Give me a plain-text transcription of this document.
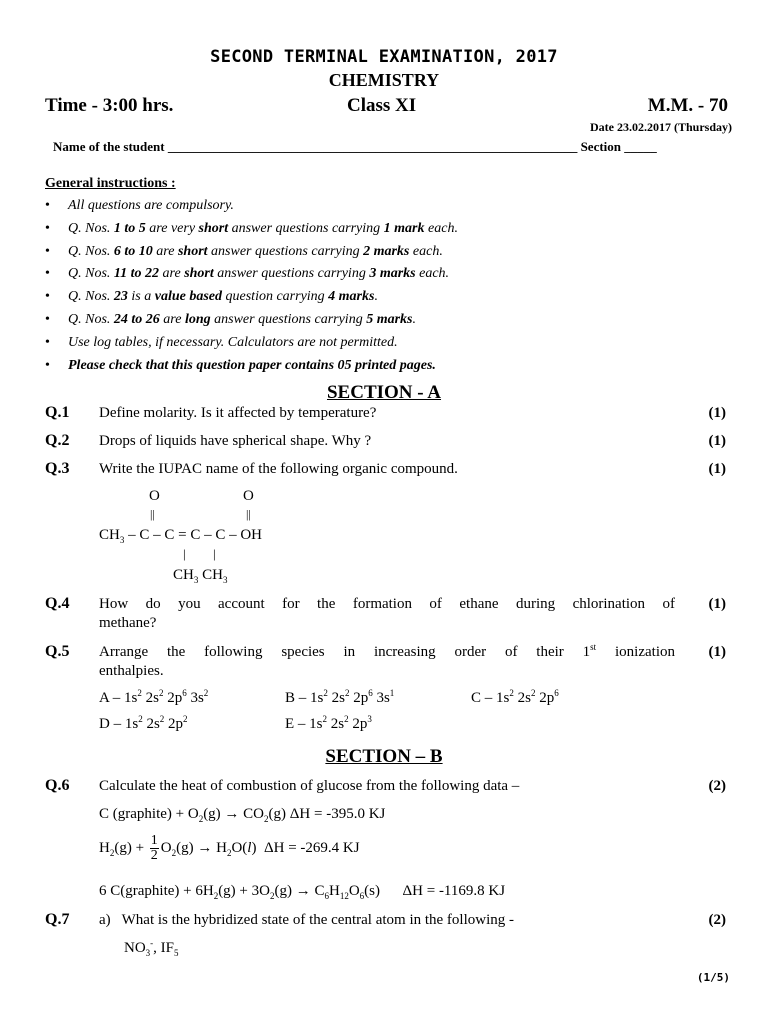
SECOND TERMINAL EXAMINATION, 2017
CHEMISTRY
Time - 3:00 hrs.	Class XI	M.M. - 70
Date 23.02.2017 (Thursday)
Name of the student _______________________________________________________________ Section _____
General instructions :
• All questions are compulsory.
• Q. Nos. 1 to 5 are very short answer questions carrying 1 mark each.
• Q. Nos. 6 to 10 are short answer questions carrying 2 marks each.
• Q. Nos. 11 to 22 are short answer questions carrying 3 marks each.
• Q. Nos. 23 is a value based question carrying 4 marks.
• Q. Nos. 24 to 26 are long answer questions carrying 5 marks.
• Use log tables, if necessary. Calculators are not permitted.
• Please check that this question paper contains 05 printed pages.
SECTION - A
Q.1 Define molarity. Is it affected by temperature?	(1)
Q.2 Drops of liquids have spherical shape. Why ?	(1)
Q.3 Write the IUPAC name of the following organic compound.	(1)
O	O
||	||
$CH_3 - C - C = C - C$ – OH
| |
$CH_3$ $CH_3$
Q.4 How do you account for the formation of ethane during chlorination of
methane?
(1)
Q.5 Arrange the following species in increasing order of their 1st ionization
enthalpies.
(1)
A – $1s^2$ $2s^2$ $2p^6$ $3s^2$	B – $1s^2$ $2s^2$ $2p^6$ $3s^1$	C – $1s^2$ $2s^2$ $2p^6$
D – $1s^2$ $2s^2$ $2p^2$	E – $1s^2$ $2s^2$ $2p^3$
SECTION – B
Q.6 Calculate the heat of combustion of glucose from the following data –	(2)
C (graphite) + $O_2(g) \to CO_2(g) \Delta H = -395.0$ KJ
$H_2(g) + \frac{1}{2} O_2(g) \to H_2O(l) \Delta H = -269.4$ KJ
6 C(graphite) + $6H_2(g) + 3O_2(g) \to C_6H_{12}O_6(s)$      ΔH = -1169.8 KJ
Q.7 a)   What is the hybridized state of the central atom in the following -	(2)
$NO_3^-$, $IF_5$
(1/5)
